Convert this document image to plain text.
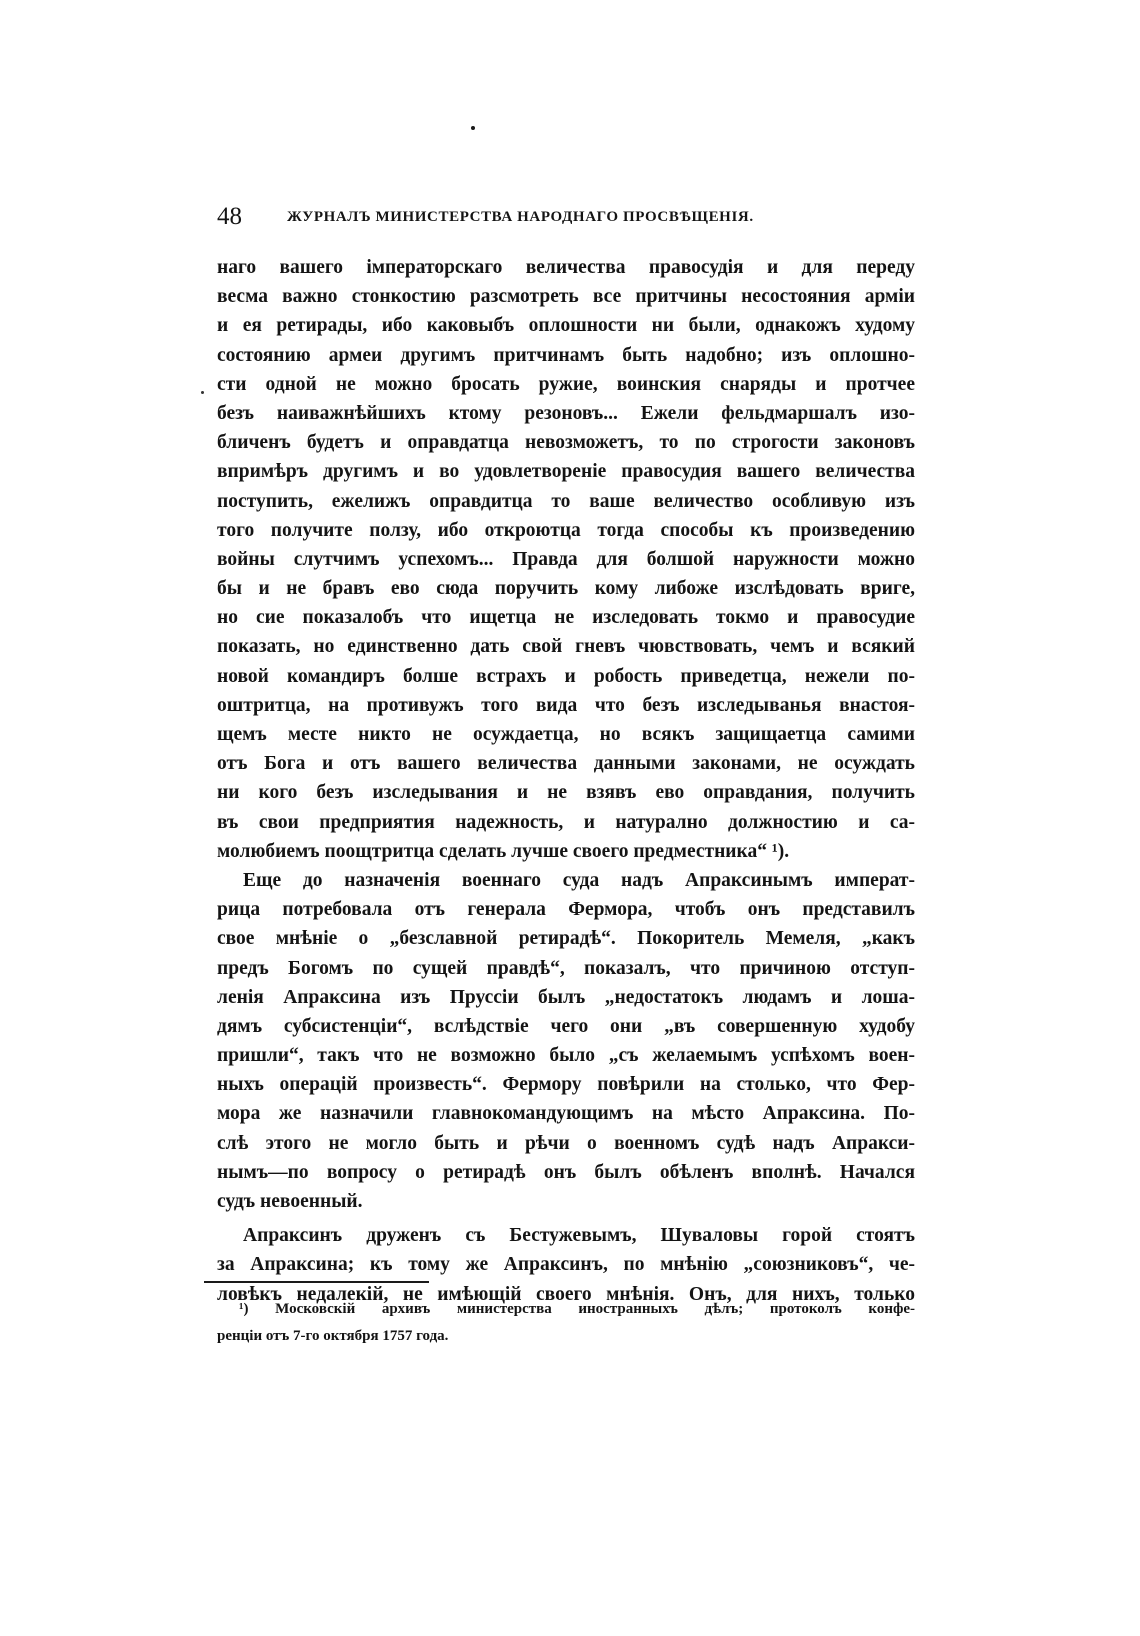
48	ЖУРНАЛЪ МИНИСТЕРСТВА НАРОДНАГО ПРОСВѢЩЕНІЯ.
наго вашего імператорскаго величества правосудія и для переду
весма важно стонкостию разсмотреть все притчины несостояния арміи
и ея ретирады, ибо каковыбъ оплошности ни были, однакожъ худому
состоянию армеи другимъ притчинамъ быть надобно; изъ оплошно-
сти одной не можно бросать ружие, воинския снаряды и протчее
безъ наиважнѣйшихъ ктому резоновъ... Ежели фельдмаршалъ изо-
бличенъ будетъ и оправдатца невозможетъ, то по строгости законовъ
впримѣръ другимъ и во удовлетвореніе правосудия вашего величества
поступить, ежелижъ оправдитца то ваше величество особливую изъ
того получите ползу, ибо откроютца тогда способы къ произведению
войны слутчимъ успехомъ... Правда для болшой наружности можно
бы и не бравъ ево сюда поручить кому либоже изслѣдовать вриге,
но сие показалобъ что ищетца не изследовать токмо и правосудие
показать, но единственно дать свой гневъ чювствовать, чемъ и всякий
новой командиръ болше встрахъ и робость приведетца, нежели по-
оштритца, на противужъ того вида что безъ изследыванья внастоя-
щемъ месте никто не осуждаетца, но всякъ защищаетца самими
отъ Бога и отъ вашего величества данными законами, не осуждать
ни кого безъ изследывания и не взявъ ево оправдания, получить
въ свои предприятия надежность, и натурално должностию и са-
молюбиемъ поощтритца сделать лучше своего предместника“ ¹).
Еще до назначенія военнаго суда надъ Апраксинымъ императ-
рица потребовала отъ генерала Фермора, чтобъ онъ представилъ
свое мнѣніе о „безславной ретирадѣ“. Покоритель Мемеля, „какъ
предъ Богомъ по сущей правдѣ“, показалъ, что причиною отступ-
ленія Апраксина изъ Пруссіи былъ „недостатокъ людамъ и лоша-
дямъ субсистенціи“, вслѣдствіе чего они „въ совершенную худобу
пришли“, такъ что не возможно было „съ желаемымъ успѣхомъ воен-
ныхъ операцій произвесть“. Фермору повѣрили на столько, что Фер-
мора же назначили главнокомандующимъ на мѣсто Апраксина. По-
слѣ этого не могло быть и рѣчи о военномъ судѣ надъ Апракси-
нымъ—по вопросу о ретирадѣ онъ былъ обѣленъ вполнѣ. Начался
судъ невоенный.
Апраксинъ друженъ съ Бестужевымъ, Шуваловы горой стоятъ
за Апраксина; къ тому же Апраксинъ, по мнѣнію „союзниковъ“, че-
ловѣкъ недалекій, не имѣющій своего мнѣнія. Онъ, для нихъ, только
¹) Московскій архивъ министерства иностранныхъ дѣлъ; протоколъ конфе-
ренціи отъ 7-го октября 1757 года.
